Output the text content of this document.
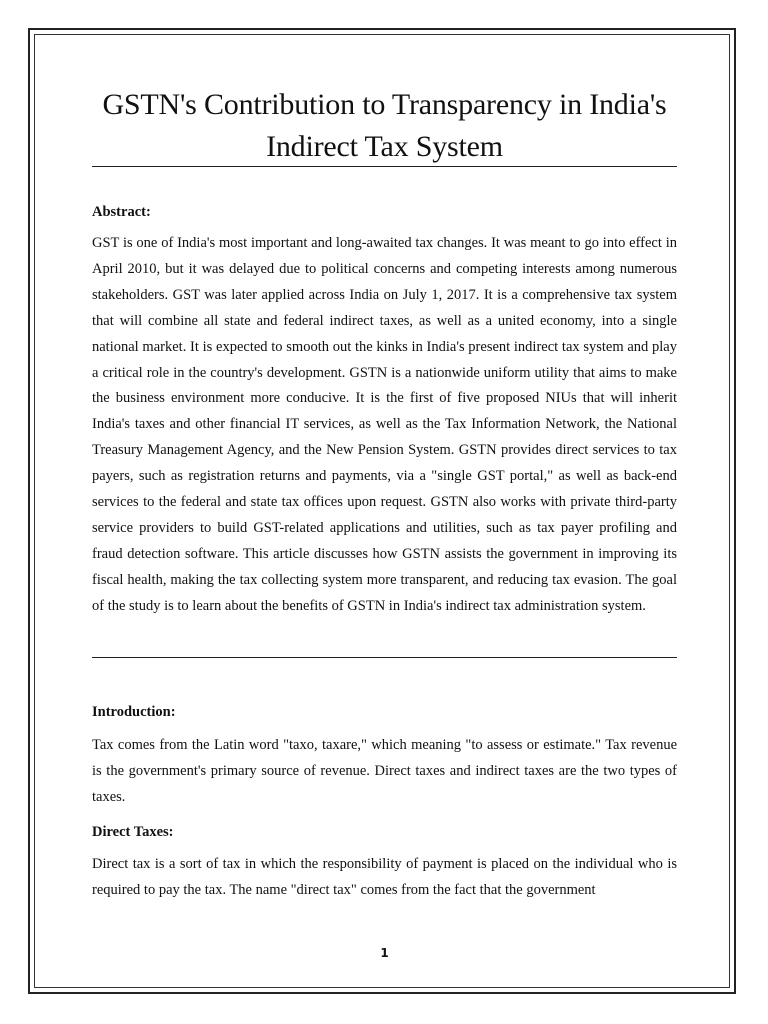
GSTN's Contribution to Transparency in India's
Indirect Tax System
Abstract:

GST is one of India's most important and long-awaited tax changes. It was meant to go into effect in April 2010, but it was delayed due to political concerns and competing interests among numerous stakeholders. GST was later applied across India on July 1, 2017. It is a comprehensive tax system that will combine all state and federal indirect taxes, as well as a united economy, into a single national market. It is expected to smooth out the kinks in India's present indirect tax system and play a critical role in the country's development. GSTN is a nationwide uniform utility that aims to make the business environment more conducive. It is the first of five proposed NIUs that will inherit India's taxes and other financial IT services, as well as the Tax Information Network, the National Treasury Management Agency, and the New Pension System. GSTN provides direct services to tax payers, such as registration returns and payments, via a "single GST portal," as well as back-end services to the federal and state tax offices upon request. GSTN also works with private third-party service providers to build GST-related applications and utilities, such as tax payer profiling and fraud detection software. This article discusses how GSTN assists the government in improving its fiscal health, making the tax collecting system more transparent, and reducing tax evasion. The goal of the study is to learn about the benefits of GSTN in India's indirect tax administration system.

Introduction:

Tax comes from the Latin word "taxo, taxare," which meaning "to assess or estimate." Tax revenue is the government's primary source of revenue. Direct taxes and indirect taxes are the two types of taxes.

Direct Taxes:

Direct tax is a sort of tax in which the responsibility of payment is placed on the individual who is required to pay the tax. The name "direct tax" comes from the fact that the government

1
